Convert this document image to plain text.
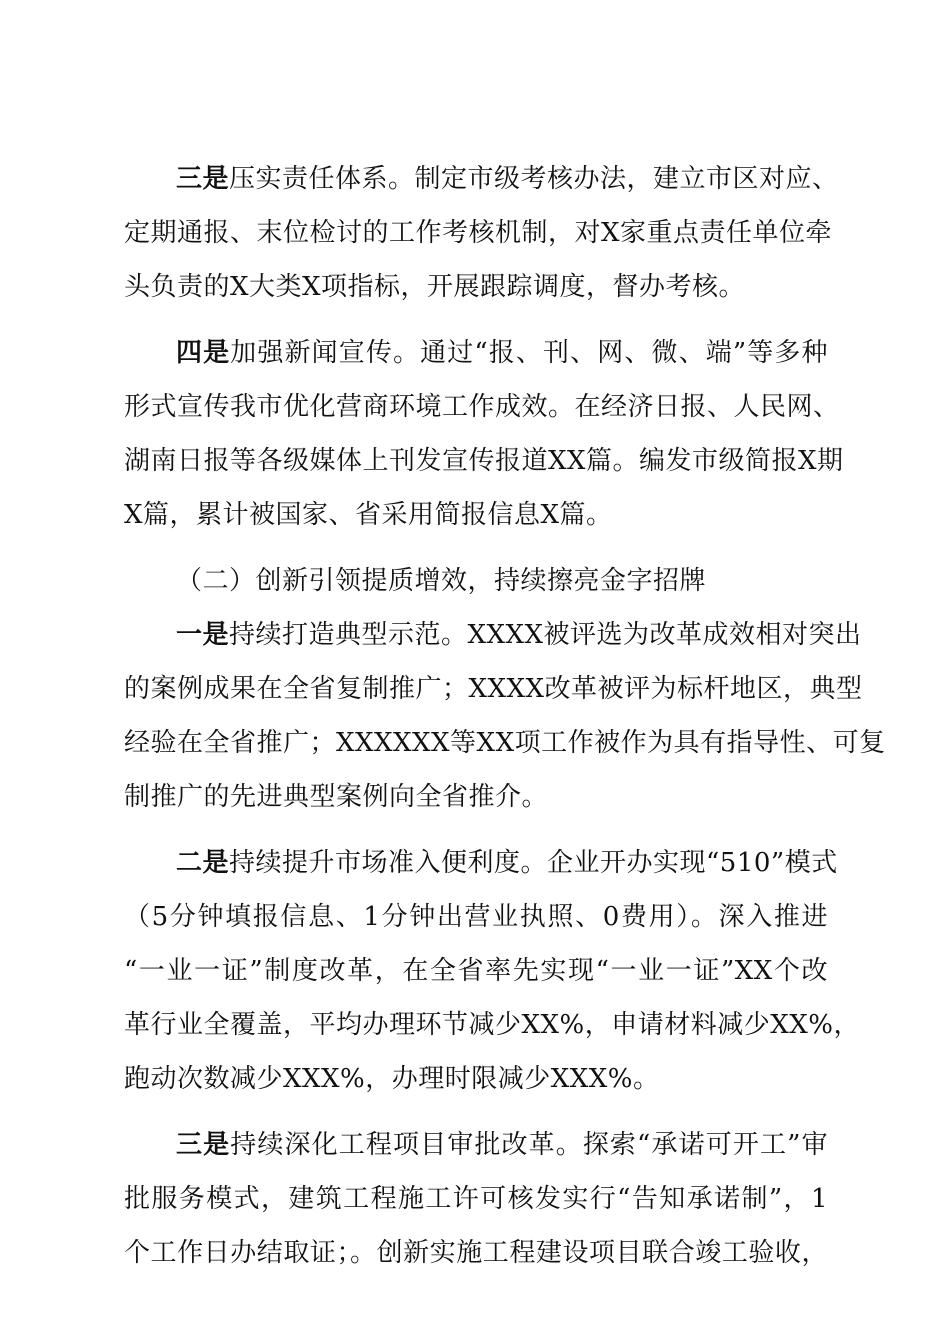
三是压实责任体系。制定市级考核办法，建立市区对应、
定期通报、末位检讨的工作考核机制，对X家重点责任单位牵
头负责的X大类X项指标，开展跟踪调度，督办考核。
四是加强新闻宣传。通过“报、刊、网、微、端”等多种
形式宣传我市优化营商环境工作成效。在经济日报、人民网、
湖南日报等各级媒体上刊发宣传报道XX篇。编发市级简报X期
X篇，累计被国家、省采用简报信息X篇。
（二）创新引领提质增效，持续擦亮金字招牌
一是持续打造典型示范。XXXX被评选为改革成效相对突出
的案例成果在全省复制推广；XXXX改革被评为标杆地区，典型
经验在全省推广；XXXXXX等XX项工作被作为具有指导性、可复
制推广的先进典型案例向全省推介。
二是持续提升市场准入便利度。企业开办实现“510”模式
（5分钟填报信息、1分钟出营业执照、0费用）。深入推进
“一业一证”制度改革，在全省率先实现“一业一证”XX个改
革行业全覆盖，平均办理环节减少XX%，申请材料减少XX%，
跑动次数减少XXX%，办理时限减少XXX%。
三是持续深化工程项目审批改革。探索“承诺可开工”审
批服务模式，建筑工程施工许可核发实行“告知承诺制”，1
个工作日办结取证；。创新实施工程建设项目联合竣工验收，
